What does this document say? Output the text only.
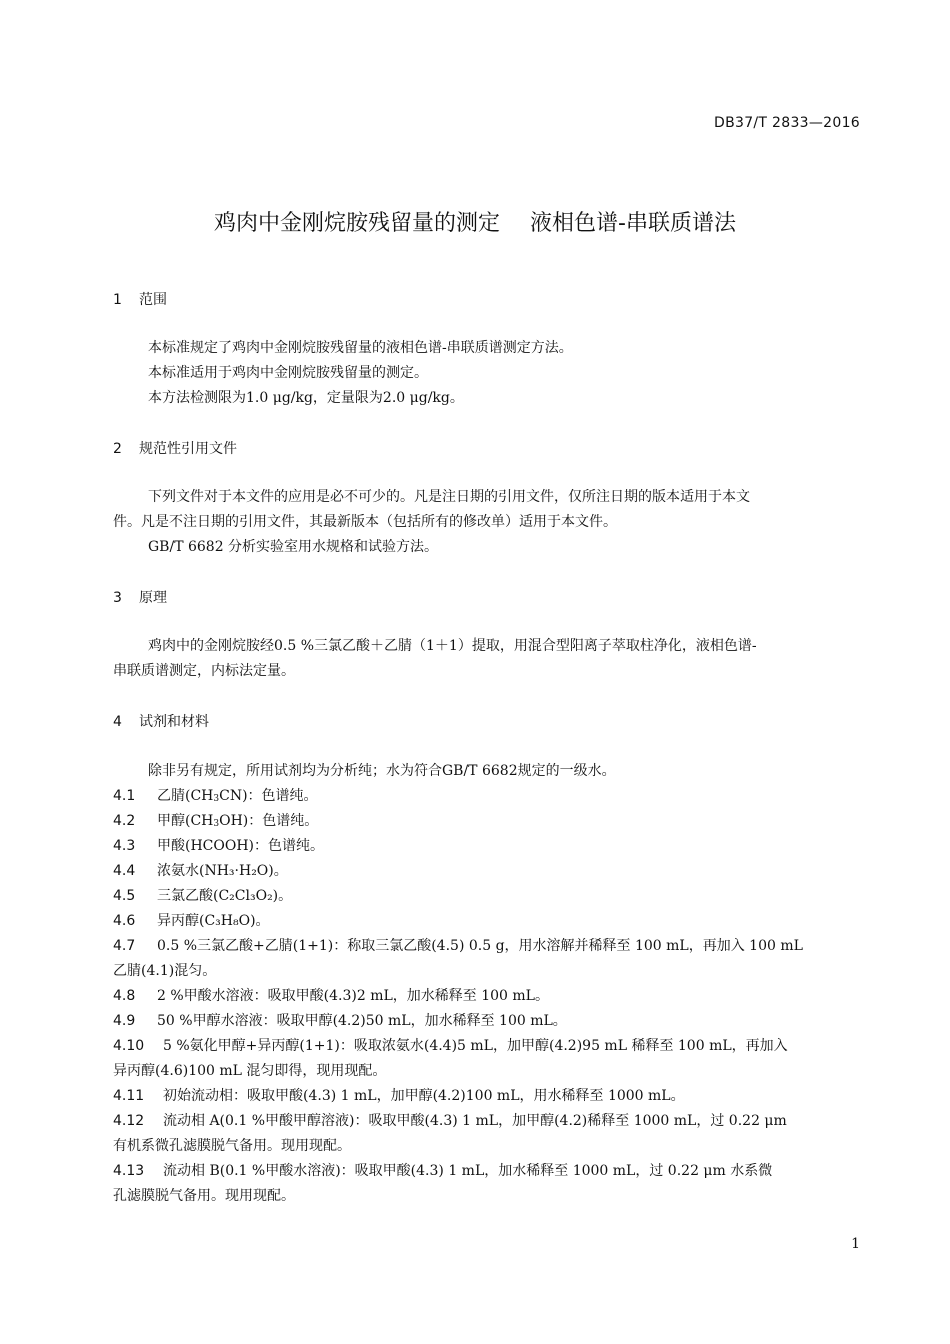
DB37/T 2833—2016
鸡肉中金刚烷胺残留量的测定 液相色谱-串联质谱法
1 范围
本标准规定了鸡肉中金刚烷胺残留量的液相色谱-串联质谱测定方法。
本标准适用于鸡肉中金刚烷胺残留量的测定。
本方法检测限为1.0 μg/kg，定量限为2.0 μg/kg。
2 规范性引用文件
下列文件对于本文件的应用是必不可少的。凡是注日期的引用文件，仅所注日期的版本适用于本文
件。凡是不注日期的引用文件，其最新版本（包括所有的修改单）适用于本文件。
GB/T 6682 分析实验室用水规格和试验方法。
3 原理
鸡肉中的金刚烷胺经0.5 %三氯乙酸＋乙腈（1＋1）提取，用混合型阳离子萃取柱净化，液相色谱-
串联质谱测定，内标法定量。
4 试剂和材料
除非另有规定，所用试剂均为分析纯；水为符合GB/T 6682规定的一级水。
4.1 乙腈$(CH_3CN)$：色谱纯。
4.2 甲醇$(CH_3OH)$：色谱纯。
4.3 甲酸(HCOOH)：色谱纯。
4.4 浓氨水(NH₃·H₂O)。
4.5 三氯乙酸(C₂Cl₃O₂)。
4.6 异丙醇(C₃H₈O)。
4.7 0.5 %三氯乙酸+乙腈(1+1)：称取三氯乙酸(4.5) 0.5 g，用水溶解并稀释至 100 mL，再加入 100 mL
乙腈(4.1)混匀。
4.8 2 %甲酸水溶液：吸取甲酸(4.3)2 mL，加水稀释至 100 mL。
4.9 50 %甲醇水溶液：吸取甲醇(4.2)50 mL，加水稀释至 100 mL。
4.10 5 %氨化甲醇+异丙醇(1+1)：吸取浓氨水(4.4)5 mL，加甲醇(4.2)95 mL 稀释至 100 mL，再加入
异丙醇(4.6)100 mL 混匀即得，现用现配。
4.11 初始流动相：吸取甲酸(4.3) 1 mL，加甲醇(4.2)100 mL，用水稀释至 1000 mL。
4.12 流动相 A(0.1 %甲酸甲醇溶液)：吸取甲酸(4.3) 1 mL，加甲醇(4.2)稀释至 1000 mL，过 0.22 μm
有机系微孔滤膜脱气备用。现用现配。
4.13 流动相 B(0.1 %甲酸水溶液)：吸取甲酸(4.3) 1 mL，加水稀释至 1000 mL，过 0.22 μm 水系微
孔滤膜脱气备用。现用现配。
1
